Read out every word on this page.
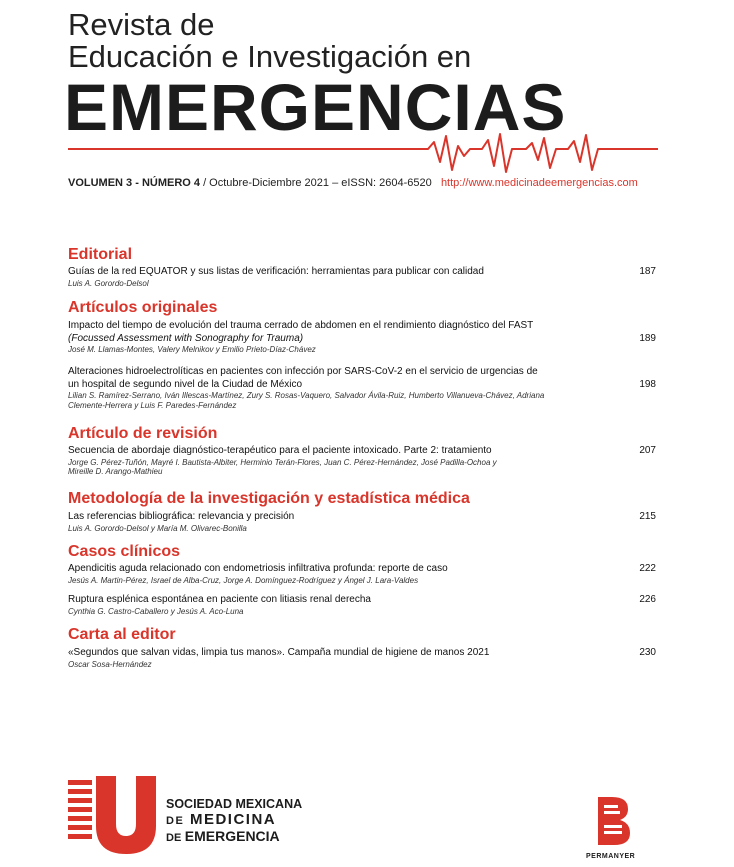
Revista de
Educación e Investigación en
EMERGENCIAS
VOLUMEN 3 - NÚMERO 4 / Octubre-Diciembre 2021 – eISSN: 2604-6520 http://www.medicinadeemergencias.com
Editorial
Guías de la red EQUATOR y sus listas de verificación: herramientas para publicar con calidad
Luis A. Gorordo-Delsol
187
Artículos originales
Impacto del tiempo de evolución del trauma cerrado de abdomen en el rendimiento diagnóstico del FAST
(Focussed Assessment with Sonography for Trauma)
José M. Llamas-Montes, Valery Melnikov y Emilio Prieto-Díaz-Chávez
189
Alteraciones hidroelectrolíticas en pacientes con infección por SARS-CoV-2 en el servicio de urgencias de un hospital de segundo nivel de la Ciudad de México
Lilian S. Ramírez-Serrano, Iván Illescas-Martínez, Zury S. Rosas-Vaquero, Salvador Ávila-Ruiz, Humberto Villanueva-Chávez, Adriana Clemente-Herrera y Luis F. Paredes-Fernández
198
Artículo de revisión
Secuencia de abordaje diagnóstico-terapéutico para el paciente intoxicado. Parte 2: tratamiento
Jorge G. Pérez-Tuñón, Mayré I. Bautista-Albiter, Herminio Terán-Flores, Juan C. Pérez-Hernández, José Padilla-Ochoa y Mireille D. Arango-Mathieu
207
Metodología de la investigación y estadística médica
Las referencias bibliográfica: relevancia y precisión
Luis A. Gorordo-Delsol y María M. Olivarec-Bonilla
215
Casos clínicos
Apendicitis aguda relacionado con endometriosis infiltrativa profunda: reporte de caso
Jesús A. Martin-Pérez, Israel de Alba-Cruz, Jorge A. Domínguez-Rodríguez y Ángel J. Lara-Valdes
222
Ruptura esplénica espontánea en paciente con litiasis renal derecha
Cynthia G. Castro-Caballero y Jesús A. Aco-Luna
226
Carta al editor
«Segundos que salvan vidas, limpia tus manos». Campaña mundial de higiene de manos 2021
Oscar Sosa-Hernández
230
SOCIEDAD MEXICANA
DE MEDICINA
DE EMERGENCIA
PERMANYER
